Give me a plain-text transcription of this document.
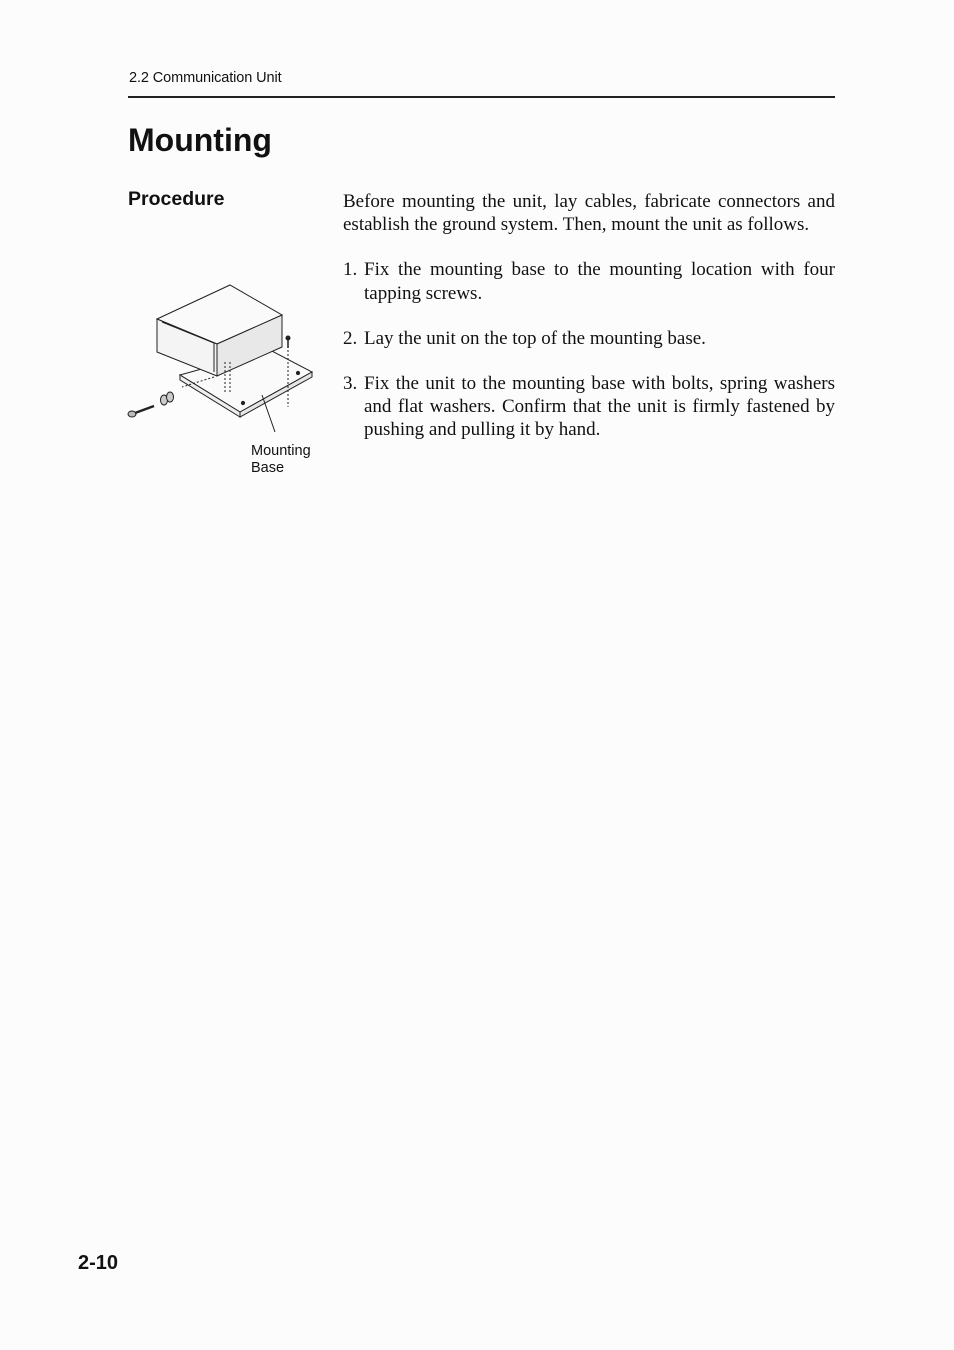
2.2 Communication Unit
Mounting
Procedure	Before mounting the unit, lay cables, fabricate connectors and establish the ground system. Then, mount the unit as follows.

1. Fix the mounting base to the mounting location with four tapping screws.
2. Lay the unit on the top of the mounting base.
3. Fix the unit to the mounting base with bolts, spring washers and flat washers. Confirm that the unit is firmly fastened by pushing and pulling it by hand.
Mounting
Base
2-10
